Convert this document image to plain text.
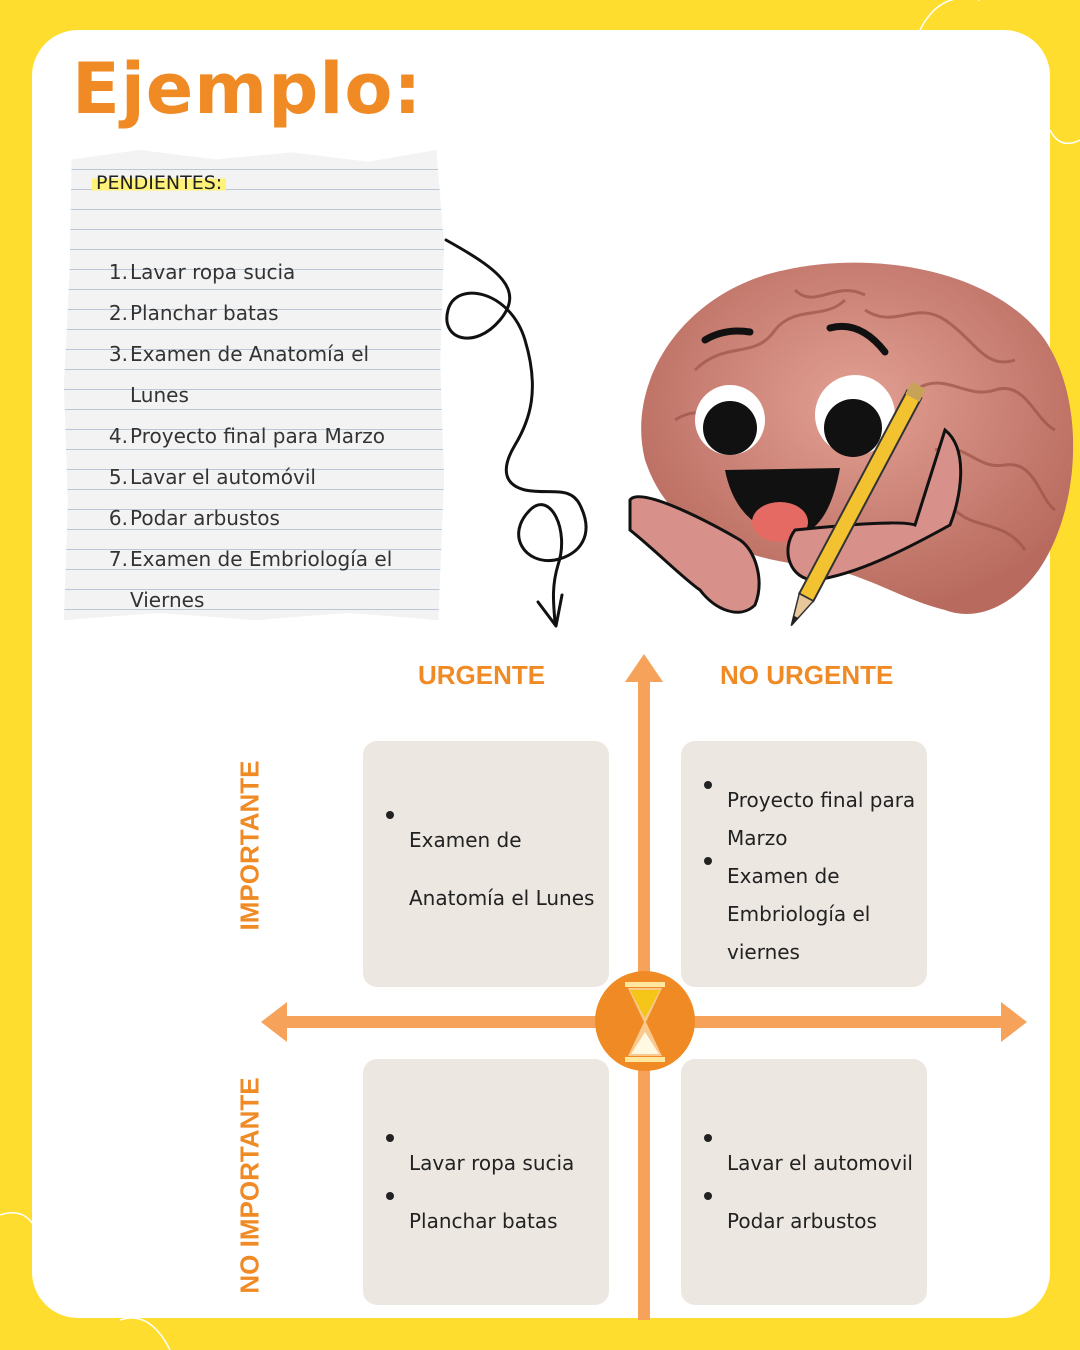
Ejemplo:
PENDIENTES:
1. Lavar ropa sucia
2. Planchar batas
3. Examen de Anatomía el Lunes
4. Proyecto final para Marzo
5. Lavar el automóvil
6. Podar arbustos
7. Examen de Embriología el
Viernes
URGENTE	NO URGENTE
IMPORTANTE
NO IMPORTANTE
Examen de
Anatomía el Lunes
Proyecto final para
Marzo
Examen de
Embriología el
viernes
Lavar ropa sucia
Planchar batas
Lavar el automovil
Podar arbustos
